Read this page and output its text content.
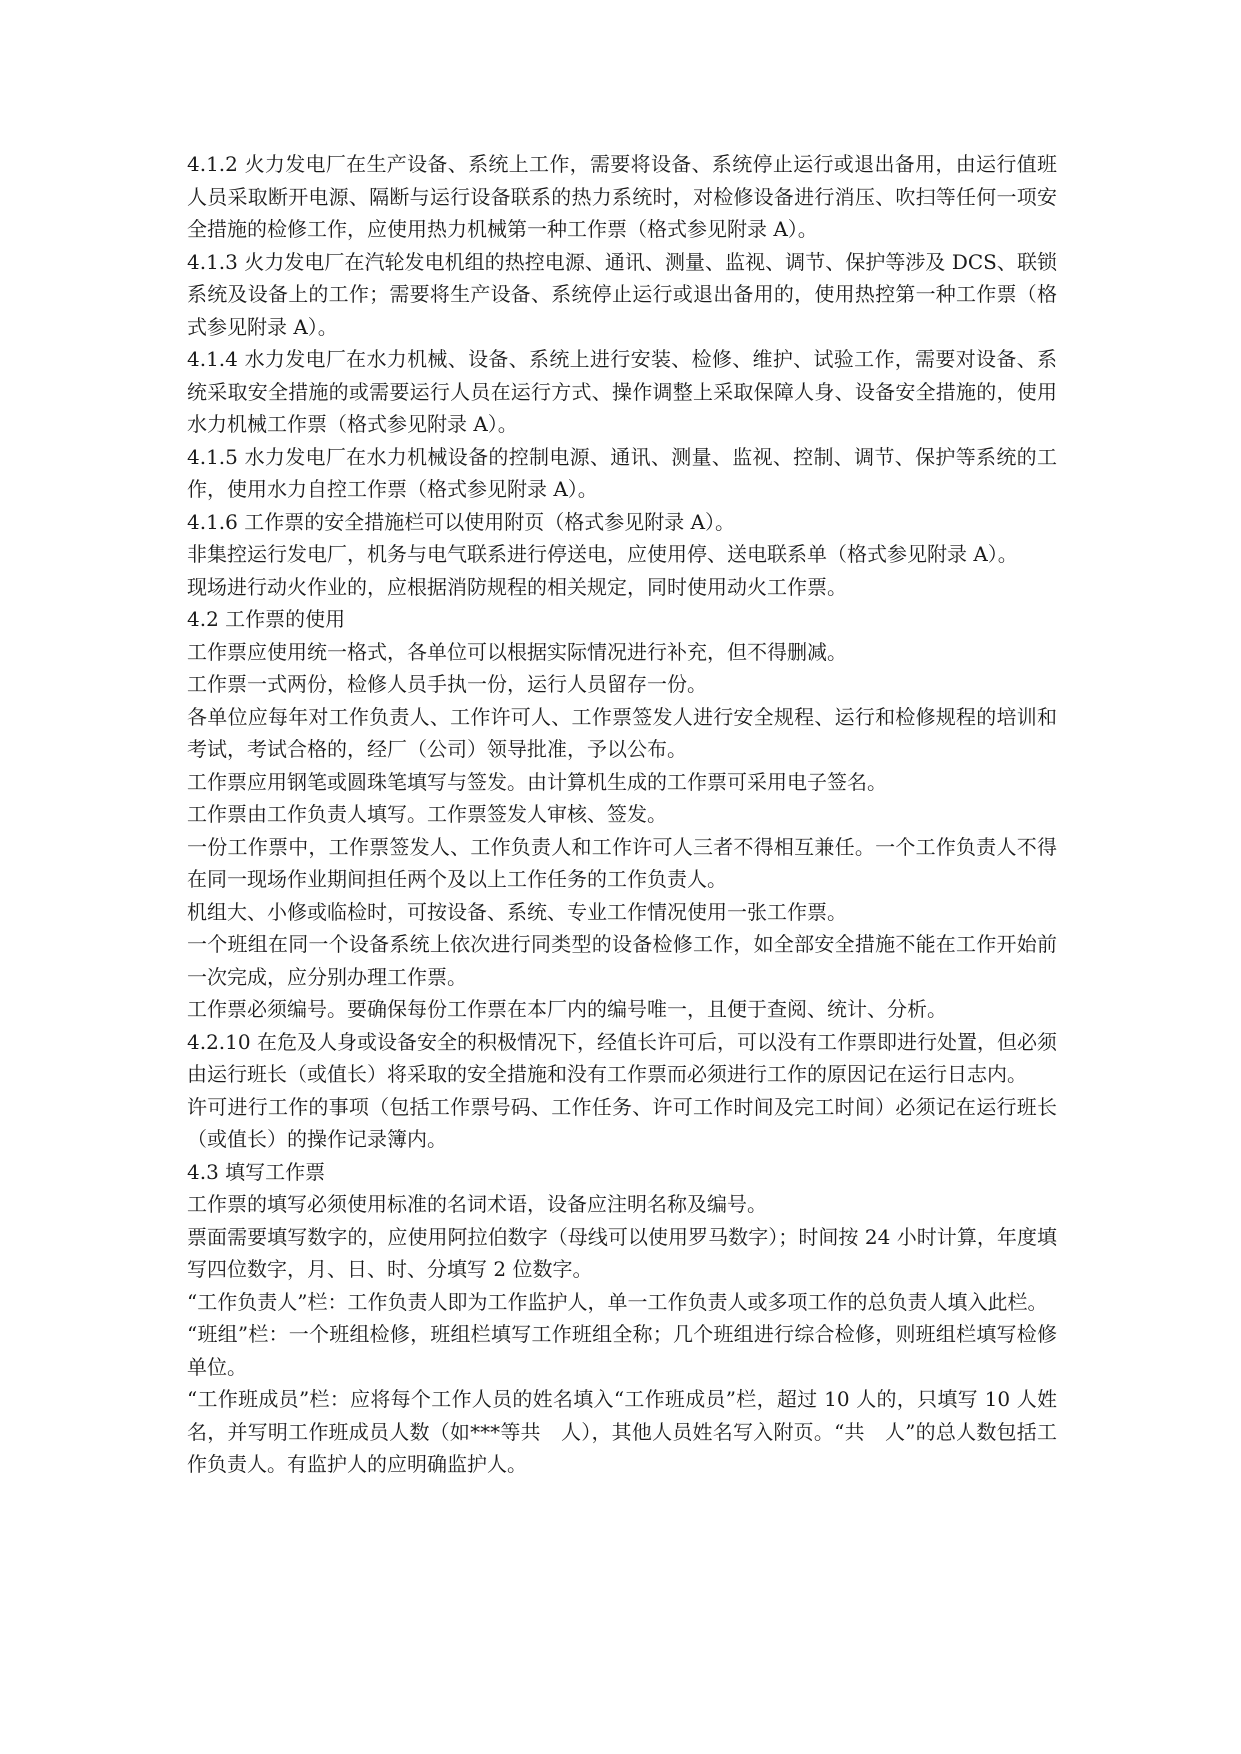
4.1.2 火力发电厂在生产设备、系统上工作，需要将设备、系统停止运行或退出备用，由运行值班人员采取断开电源、隔断与运行设备联系的热力系统时，对检修设备进行消压、吹扫等任何一项安全措施的检修工作，应使用热力机械第一种工作票（格式参见附录 A）。

4.1.3 火力发电厂在汽轮发电机组的热控电源、通讯、测量、监视、调节、保护等涉及 DCS、联锁系统及设备上的工作；需要将生产设备、系统停止运行或退出备用的，使用热控第一种工作票（格式参见附录 A）。

4.1.4 水力发电厂在水力机械、设备、系统上进行安装、检修、维护、试验工作，需要对设备、系统采取安全措施的或需要运行人员在运行方式、操作调整上采取保障人身、设备安全措施的，使用水力机械工作票（格式参见附录 A）。

4.1.5 水力发电厂在水力机械设备的控制电源、通讯、测量、监视、控制、调节、保护等系统的工作，使用水力自控工作票（格式参见附录 A）。

4.1.6 工作票的安全措施栏可以使用附页（格式参见附录 A）。

非集控运行发电厂，机务与电气联系进行停送电，应使用停、送电联系单（格式参见附录 A）。

现场进行动火作业的，应根据消防规程的相关规定，同时使用动火工作票。

4.2 工作票的使用

工作票应使用统一格式，各单位可以根据实际情况进行补充，但不得删减。

工作票一式两份，检修人员手执一份，运行人员留存一份。

各单位应每年对工作负责人、工作许可人、工作票签发人进行安全规程、运行和检修规程的培训和考试，考试合格的，经厂（公司）领导批准，予以公布。

工作票应用钢笔或圆珠笔填写与签发。由计算机生成的工作票可采用电子签名。

工作票由工作负责人填写。工作票签发人审核、签发。

一份工作票中，工作票签发人、工作负责人和工作许可人三者不得相互兼任。一个工作负责人不得在同一现场作业期间担任两个及以上工作任务的工作负责人。

机组大、小修或临检时，可按设备、系统、专业工作情况使用一张工作票。

一个班组在同一个设备系统上依次进行同类型的设备检修工作，如全部安全措施不能在工作开始前一次完成，应分别办理工作票。

工作票必须编号。要确保每份工作票在本厂内的编号唯一，且便于查阅、统计、分析。

4.2.10 在危及人身或设备安全的积极情况下，经值长许可后，可以没有工作票即进行处置，但必须由运行班长（或值长）将采取的安全措施和没有工作票而必须进行工作的原因记在运行日志内。

许可进行工作的事项（包括工作票号码、工作任务、许可工作时间及完工时间）必须记在运行班长（或值长）的操作记录簿内。

4.3 填写工作票

工作票的填写必须使用标准的名词术语，设备应注明名称及编号。

票面需要填写数字的，应使用阿拉伯数字（母线可以使用罗马数字）；时间按 24 小时计算，年度填写四位数字，月、日、时、分填写 2 位数字。

“工作负责人”栏：工作负责人即为工作监护人，单一工作负责人或多项工作的总负责人填入此栏。

“班组”栏：一个班组检修，班组栏填写工作班组全称；几个班组进行综合检修，则班组栏填写检修单位。

“工作班成员”栏：应将每个工作人员的姓名填入“工作班成员”栏，超过 10 人的，只填写 10 人姓名，并写明工作班成员人数（如***等共　人），其他人员姓名写入附页。“共　人”的总人数包括工作负责人。有监护人的应明确监护人。
